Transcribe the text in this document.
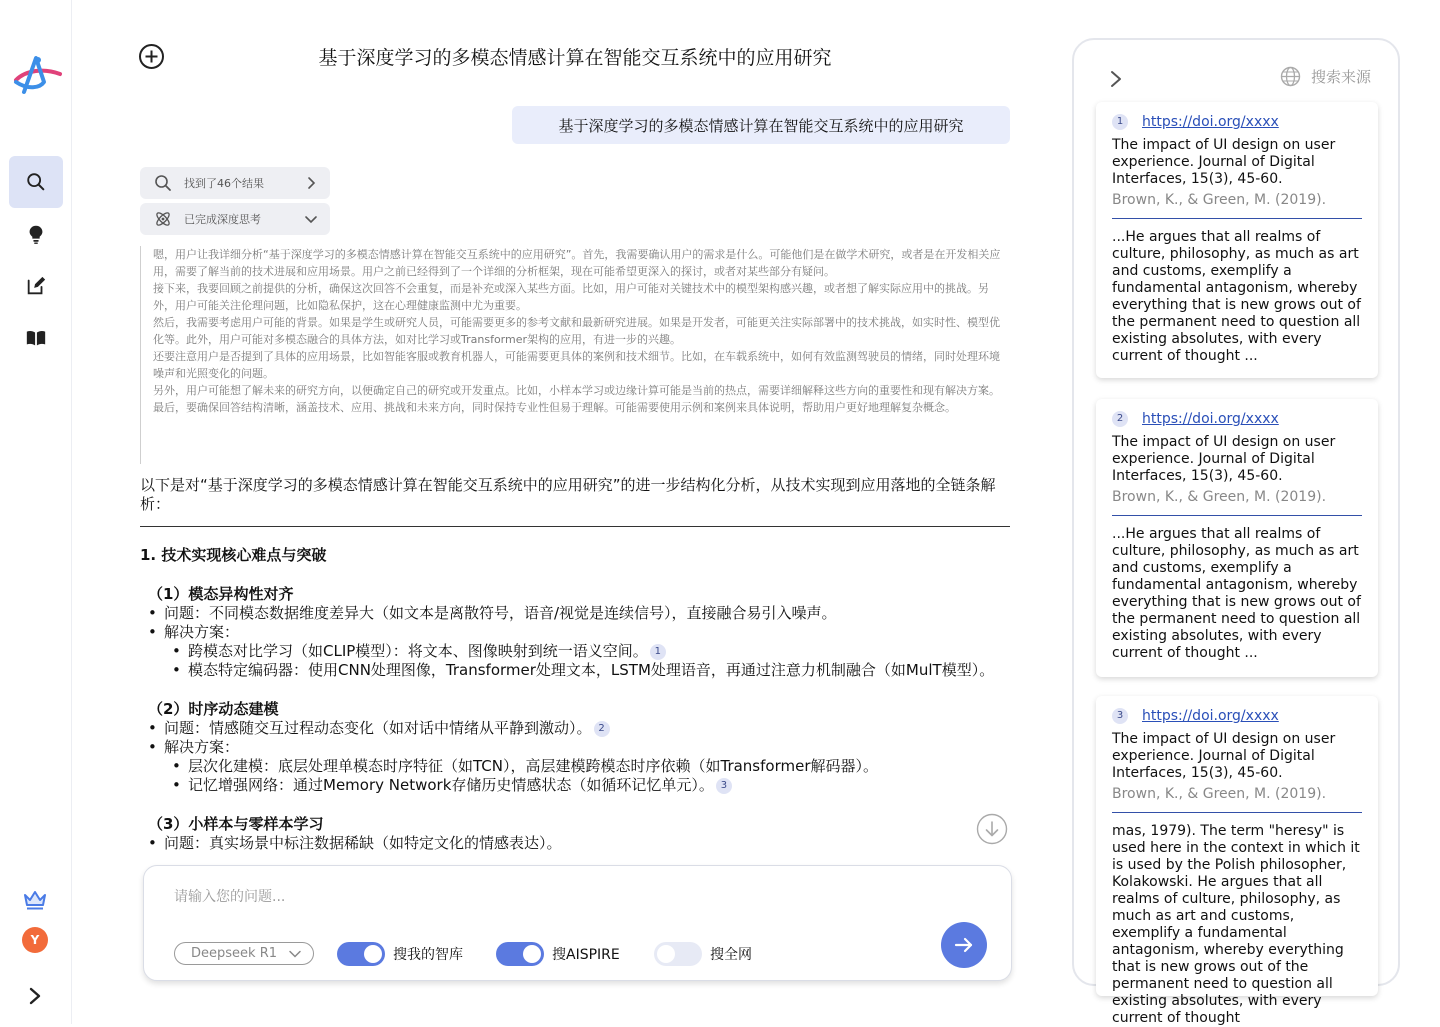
Y
基于深度学习的多模态情感计算在智能交互系统中的应用研究
基于深度学习的多模态情感计算在智能交互系统中的应用研究
找到了46个结果
已完成深度思考

嗯，用户让我详细分析“基于深度学习的多模态情感计算在智能交互系统中的应用研究”。首先，我需要确认用户的需求是什么。可能他们是在做学术研究，或者是在开发相关应用，需要了解当前的技术进展和应用场景。用户之前已经得到了一个详细的分析框架，现在可能希望更深入的探讨，或者对某些部分有疑问。

接下来，我要回顾之前提供的分析，确保这次回答不会重复，而是补充或深入某些方面。比如，用户可能对关键技术中的模型架构感兴趣，或者想了解实际应用中的挑战。另外，用户可能关注伦理问题，比如隐私保护，这在心理健康监测中尤为重要。

然后，我需要考虑用户可能的背景。如果是学生或研究人员，可能需要更多的参考文献和最新研究进展。如果是开发者，可能更关注实际部署中的技术挑战，如实时性、模型优化等。此外，用户可能对多模态融合的具体方法，如对比学习或Transformer架构的应用，有进一步的兴趣。

还要注意用户是否提到了具体的应用场景，比如智能客服或教育机器人，可能需要更具体的案例和技术细节。比如，在车载系统中，如何有效监测驾驶员的情绪，同时处理环境噪声和光照变化的问题。

另外，用户可能想了解未来的研究方向，以便确定自己的研究或开发重点。比如，小样本学习或边缘计算可能是当前的热点，需要详细解释这些方向的重要性和现有解决方案。

最后，要确保回答结构清晰，涵盖技术、应用、挑战和未来方向，同时保持专业性但易于理解。可能需要使用示例和案例来具体说明，帮助用户更好地理解复杂概念。

以下是对“基于深度学习的多模态情感计算在智能交互系统中的应用研究”的进一步结构化分析，从技术实现到应用落地的全链条解析：
1. 技术实现核心难点与突破
（1）模态异构性对齐
• 问题：不同模态数据维度差异大（如文本是离散符号，语音/视觉是连续信号），直接融合易引入噪声。
• 解决方案：
• 跨模态对比学习（如CLIP模型）：将文本、图像映射到统一语义空间。 1
• 模态特定编码器：使用CNN处理图像，Transformer处理文本，LSTM处理语音，再通过注意力机制融合（如MulT模型）。
（2）时序动态建模
• 问题：情感随交互过程动态变化（如对话中情绪从平静到激动）。 2
• 解决方案：
• 层次化建模：底层处理单模态时序特征（如TCN），高层建模跨模态时序依赖（如Transformer解码器）。
• 记忆增强网络：通过Memory Network存储历史情感状态（如循环记忆单元）。 3
（3）小样本与零样本学习
• 问题：真实场景中标注数据稀缺（如特定文化的情感表达）。
请输入您的问题...
Deepseek R1	搜我的智库	搜AISPIRE	搜全网
搜索来源
1	https://doi.org/xxxx
The impact of UI design on user experience. Journal of Digital Interfaces, 15(3), 45-60.
Brown, K., & Green, M. (2019).
...He argues that all realms of culture, philosophy, as much as art and customs, exemplify a fundamental antagonism, whereby everything that is new grows out of the permanent need to question all existing absolutes, with every current of thought ...
2	https://doi.org/xxxx
The impact of UI design on user experience. Journal of Digital Interfaces, 15(3), 45-60.
Brown, K., & Green, M. (2019).
...He argues that all realms of culture, philosophy, as much as art and customs, exemplify a fundamental antagonism, whereby everything that is new grows out of the permanent need to question all existing absolutes, with every current of thought ...
3	https://doi.org/xxxx
The impact of UI design on user experience. Journal of Digital Interfaces, 15(3), 45-60.
Brown, K., & Green, M. (2019).
mas, 1979). The term "heresy" is used here in the context in which it is used by the Polish philosopher, Kolakowski. He argues that all realms of culture, philosophy, as much as art and customs, exemplify a fundamental antagonism, whereby everything that is new grows out of the permanent need to question all existing absolutes, with every current of thought
